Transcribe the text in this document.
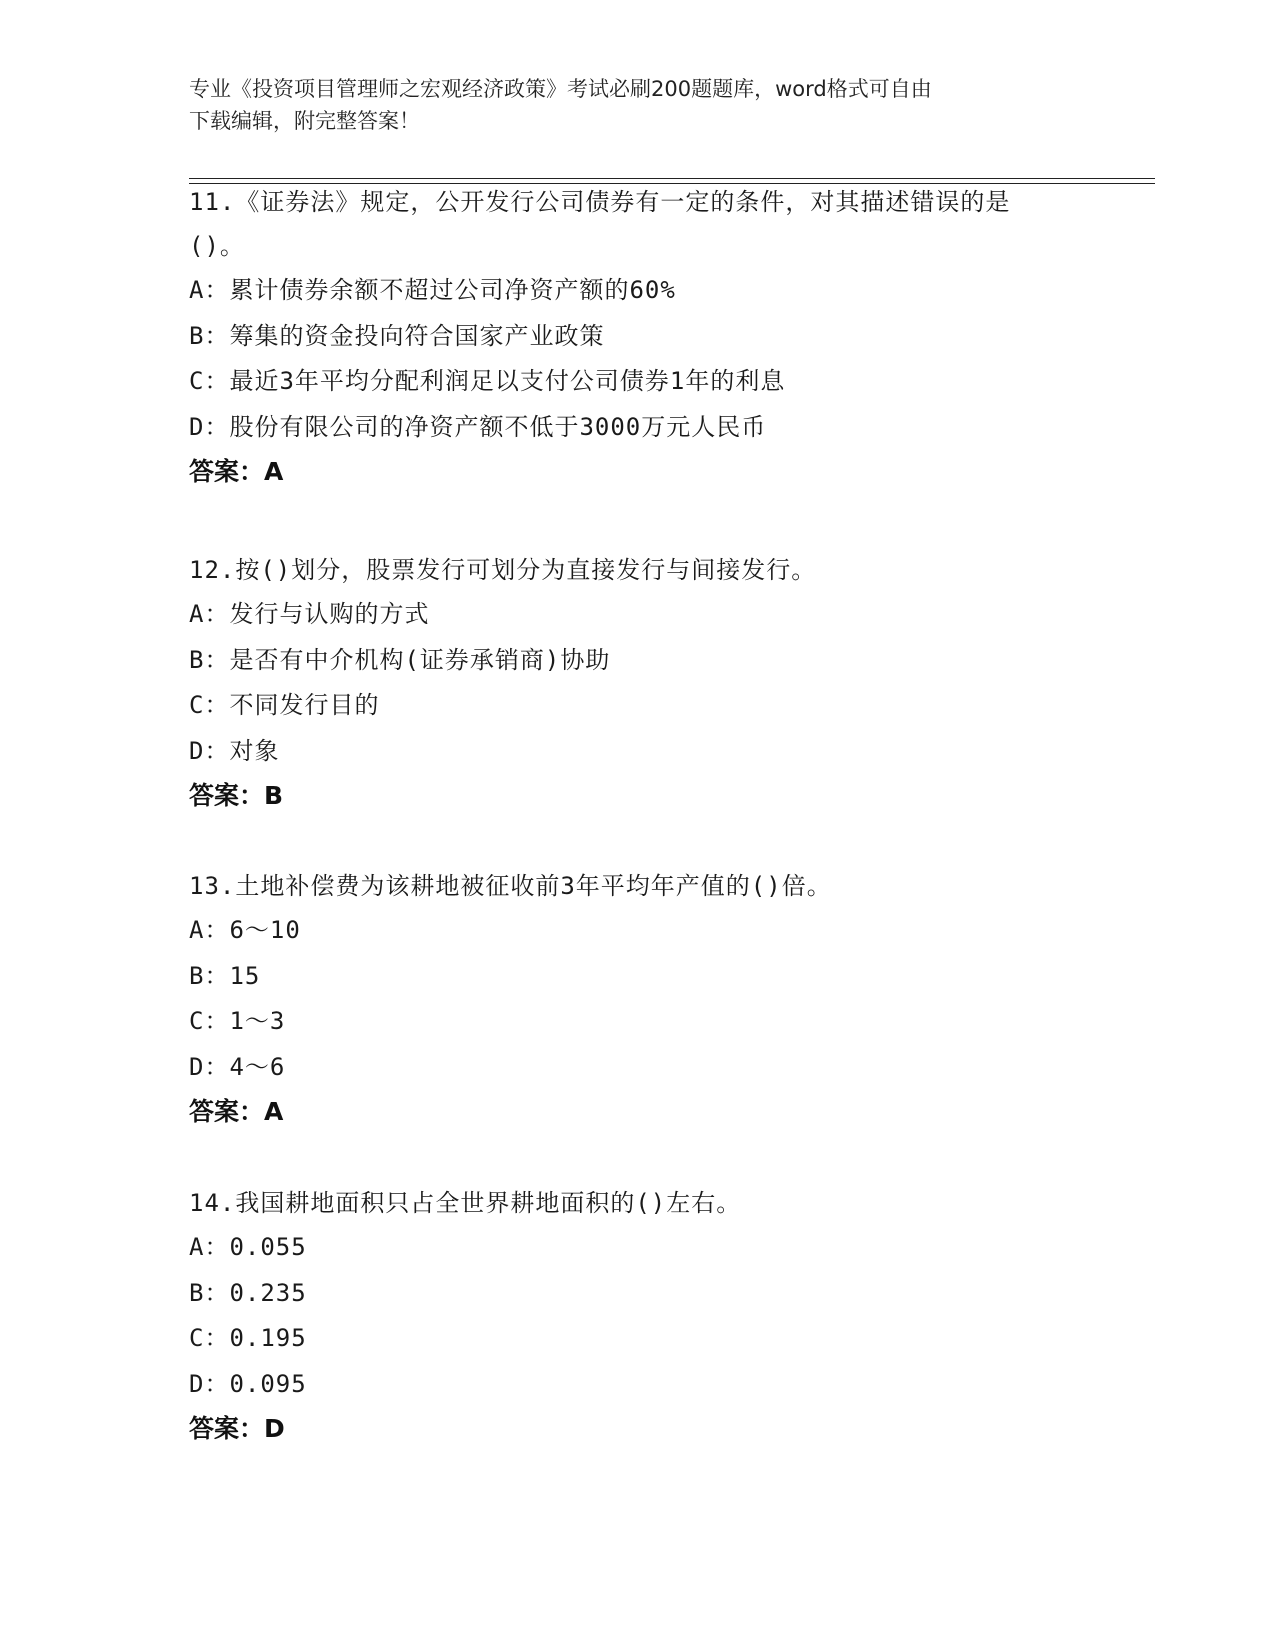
专业《投资项目管理师之宏观经济政策》考试必刷200题题库，word格式可自由
下载编辑，附完整答案！

11.《证券法》规定，公开发行公司债券有一定的条件，对其描述错误的是()。

A：累计债券余额不超过公司净资产额的60%
B：筹集的资金投向符合国家产业政策
C：最近3年平均分配利润足以支付公司债券1年的利息
D：股份有限公司的净资产额不低于3000万元人民币
答案：A

12.按()划分，股票发行可划分为直接发行与间接发行。

A：发行与认购的方式
B：是否有中介机构(证券承销商)协助
C：不同发行目的
D：对象
答案：B

13.土地补偿费为该耕地被征收前3年平均年产值的()倍。

A：6～10
B：15
C：1～3
D：4～6
答案：A

14.我国耕地面积只占全世界耕地面积的()左右。

A：0.055
B：0.235
C：0.195
D：0.095
答案：D
